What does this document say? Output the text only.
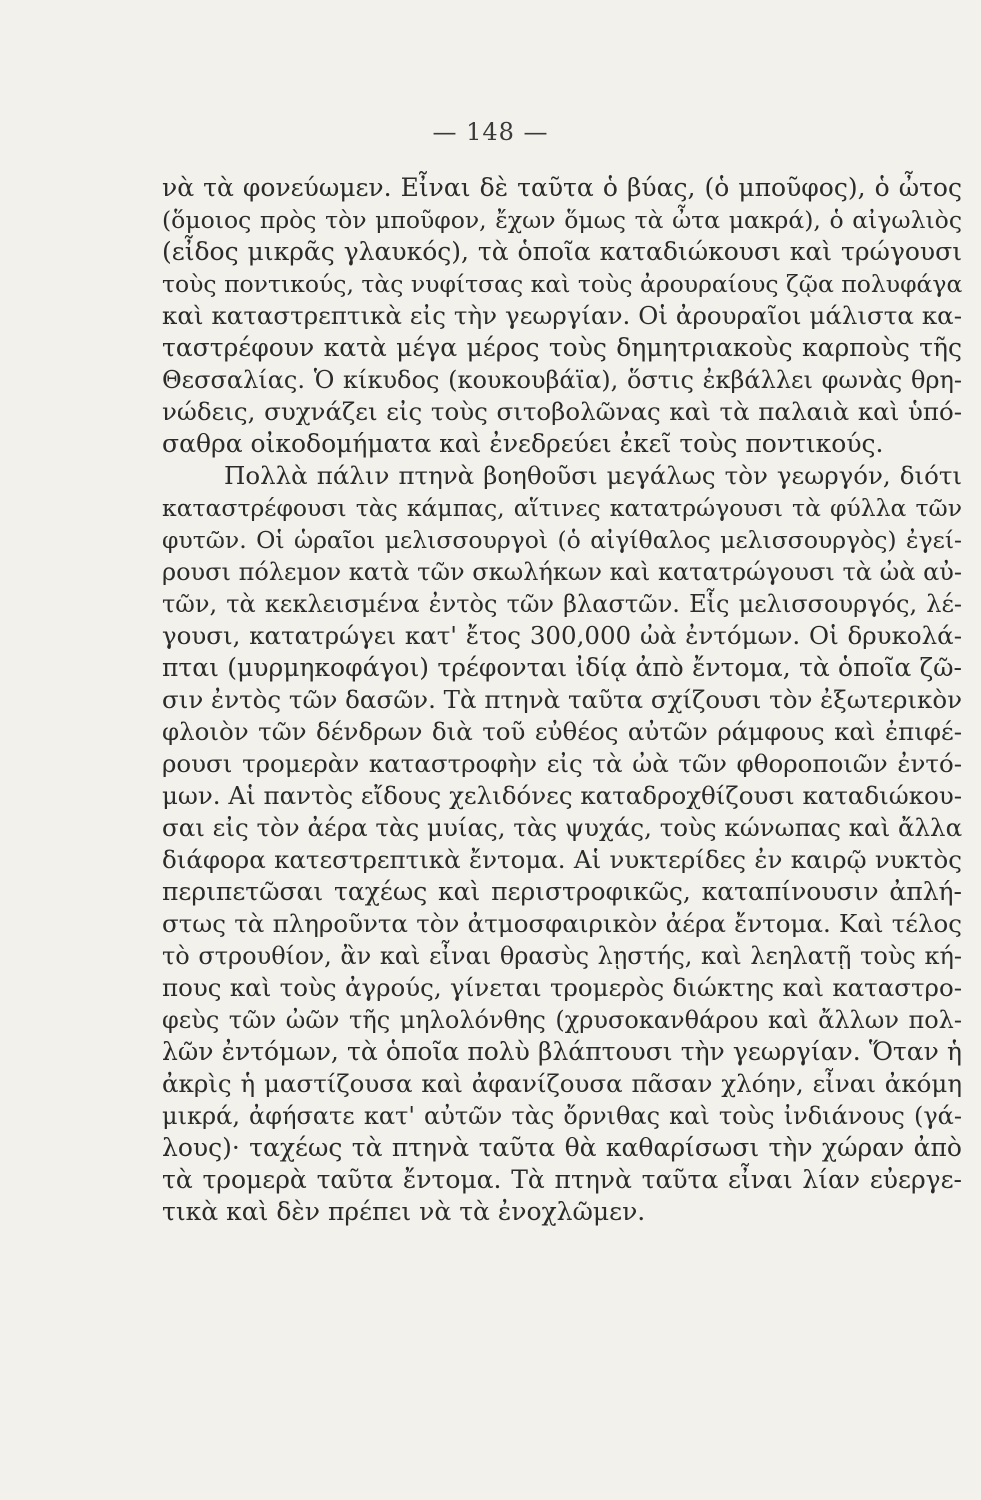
— 148 —
νὰ τὰ φονεύωμεν. Εἶναι δὲ ταῦτα ὁ βύας, (ὁ μποῦφος), ὁ ὦτος
(ὅμοιος πρὸς τὸν μποῦφον, ἔχων ὅμως τὰ ὦτα μακρά), ὁ αἰγωλιὸς
(εἶδος μικρᾶς γλαυκός), τὰ ὁποῖα καταδιώκουσι καὶ τρώγουσι
τοὺς ποντικούς, τὰς νυφίτσας καὶ τοὺς ἀρουραίους ζῷα πολυφάγα
καὶ καταστρεπτικὰ εἰς τὴν γεωργίαν. Οἱ ἀρουραῖοι μάλιστα κα-
ταστρέφουν κατὰ μέγα μέρος τοὺς δημητριακοὺς καρποὺς τῆς
Θεσσαλίας. Ὁ κίκυδος (κουκουβάϊα), ὅστις ἐκβάλλει φωνὰς θρη-
νώδεις, συχνάζει εἰς τοὺς σιτοβολῶνας καὶ τὰ παλαιὰ καὶ ὑπό-
σαθρα οἰκοδομήματα καὶ ἐνεδρεύει ἐκεῖ τοὺς ποντικούς.
Πολλὰ πάλιν πτηνὰ βοηθοῦσι μεγάλως τὸν γεωργόν, διότι
καταστρέφουσι τὰς κάμπας, αἵτινες κατατρώγουσι τὰ φύλλα τῶν
φυτῶν. Οἱ ὡραῖοι μελισσουργοὶ (ὁ αἰγίθαλος μελισσουργὸς) ἐγεί-
ρουσι πόλεμον κατὰ τῶν σκωλήκων καὶ κατατρώγουσι τὰ ὠὰ αὐ-
τῶν, τὰ κεκλεισμένα ἐντὸς τῶν βλαστῶν. Εἷς μελισσουργός, λέ-
γουσι, κατατρώγει κατ' ἔτος 300,000 ὠὰ ἐντόμων. Οἱ δρυκολά-
πται (μυρμηκοφάγοι) τρέφονται ἰδίᾳ ἀπὸ ἔντομα, τὰ ὁποῖα ζῶ-
σιν ἐντὸς τῶν δασῶν. Τὰ πτηνὰ ταῦτα σχίζουσι τὸν ἐξωτερικὸν
φλοιὸν τῶν δένδρων διὰ τοῦ εὐθέος αὐτῶν ράμφους καὶ ἐπιφέ-
ρουσι τρομερὰν καταστροφὴν εἰς τὰ ὠὰ τῶν φθοροποιῶν ἐντό-
μων. Αἱ παντὸς εἴδους χελιδόνες καταδροχθίζουσι καταδιώκου-
σαι εἰς τὸν ἀέρα τὰς μυίας, τὰς ψυχάς, τοὺς κώνωπας καὶ ἄλλα
διάφορα κατεστρεπτικὰ ἔντομα. Αἱ νυκτερίδες ἐν καιρῷ νυκτὸς
περιπετῶσαι ταχέως καὶ περιστροφικῶς, καταπίνουσιν ἀπλή-
στως τὰ πληροῦντα τὸν ἀτμοσφαιρικὸν ἀέρα ἔντομα. Καὶ τέλος
τὸ στρουθίον, ἂν καὶ εἶναι θρασὺς λῃστής, καὶ λεηλατῇ τοὺς κή-
πους καὶ τοὺς ἀγρούς, γίνεται τρομερὸς διώκτης καὶ καταστρο-
φεὺς τῶν ὠῶν τῆς μηλολόνθης (χρυσοκανθάρου καὶ ἄλλων πολ-
λῶν ἐντόμων, τὰ ὁποῖα πολὺ βλάπτουσι τὴν γεωργίαν. Ὅταν ἡ
ἀκρὶς ἡ μαστίζουσα καὶ ἀφανίζουσα πᾶσαν χλόην, εἶναι ἀκόμη
μικρά, ἀφήσατε κατ' αὐτῶν τὰς ὄρνιθας καὶ τοὺς ἰνδιάνους (γά-
λους)· ταχέως τὰ πτηνὰ ταῦτα θὰ καθαρίσωσι τὴν χώραν ἀπὸ
τὰ τρομερὰ ταῦτα ἔντομα. Τὰ πτηνὰ ταῦτα εἶναι λίαν εὐεργε-
τικὰ καὶ δὲν πρέπει νὰ τὰ ἐνοχλῶμεν.
